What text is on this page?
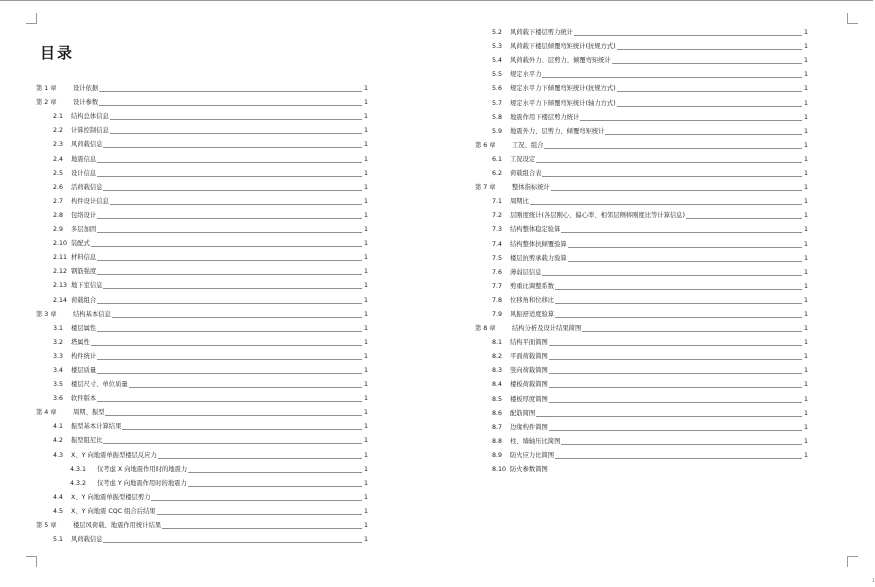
目录
第 1 章	设计依据	1
第 2 章	设计参数	1
2.1	结构总体信息	1
2.2	计算控制信息	1
2.3	风荷载信息	1
2.4	地震信息	1
2.5	设计信息	1
2.6	活荷载信息	1
2.7	构件设计信息	1
2.8	包络设计	1
2.9	多层加固	1
2.10 装配式	1
2.11 材料信息	1
2.12 钢筋强度	1
2.13 地下室信息	1
2.14 荷载组合	1
第 3 章	结构基本信息	1
3.1	楼层属性	1
3.2	塔属性	1
3.3	构件统计	1
3.4	楼层质量	1
3.5	楼层尺寸、单位质量	1
3.6	软件版本	1
第 4 章	周期、振型	1
4.1	振型基本计算结果	1
4.2	振型阻尼比	1
4.3	X、Y 向地震单振型楼层反应力	1
4.3.1	仅考虑 X 向地震作用时的地震力	1
4.3.2	仅考虑 Y 向地震作用时的地震力	1
4.4	X、Y 向地震单振型楼层剪力	1
4.5	X、Y 向地震 CQC 组合后结果	1
第 5 章	楼层风荷载、地震作用统计结果	1
5.1	风荷载信息	1
5.2	风荷载下楼层剪力统计	1
5.3	风荷载下楼层倾覆弯矩统计(抗规方式)	1
5.4	风荷载外力、层剪力、倾覆弯矩统计	1
5.5	规定水平力	1
5.6	规定水平力下倾覆弯矩统计(抗规方式)	1
5.7	规定水平力下倾覆弯矩统计(轴力方式)	1
5.8	地震作用下楼层剪力统计	1
5.9	地震外力、层剪力、倾覆弯矩统计	1
第 6 章	工况、组合	1
6.1	工况设定	1
6.2	荷载组合表	1
第 7 章	整体指标统计	1
7.1	周期比	1
7.2	层刚度统计(各层刚心、偏心率、相邻层侧移刚度比等计算信息)	1
7.3	结构整体稳定验算	1
7.4	结构整体抗倾覆验算	1
7.5	楼层抗剪承载力验算	1
7.6	薄弱层信息	1
7.7	剪重比调整系数	1
7.8	位移角和位移比	1
7.9	风振舒适度验算	1
第 8 章	结构分析及设计结果简图	1
8.1	结构平面简图	1
8.2	平面荷载简图	1
8.3	竖向荷载简图	1
8.4	楼板荷载简图	1
8.5	楼板厚度简图	1
8.6	配筋简图	1
8.7	边缘构件简图	1
8.8	柱、墙轴压比简图	1
8.9	防火应力比简图	1
8.10 防火参数简图
1
